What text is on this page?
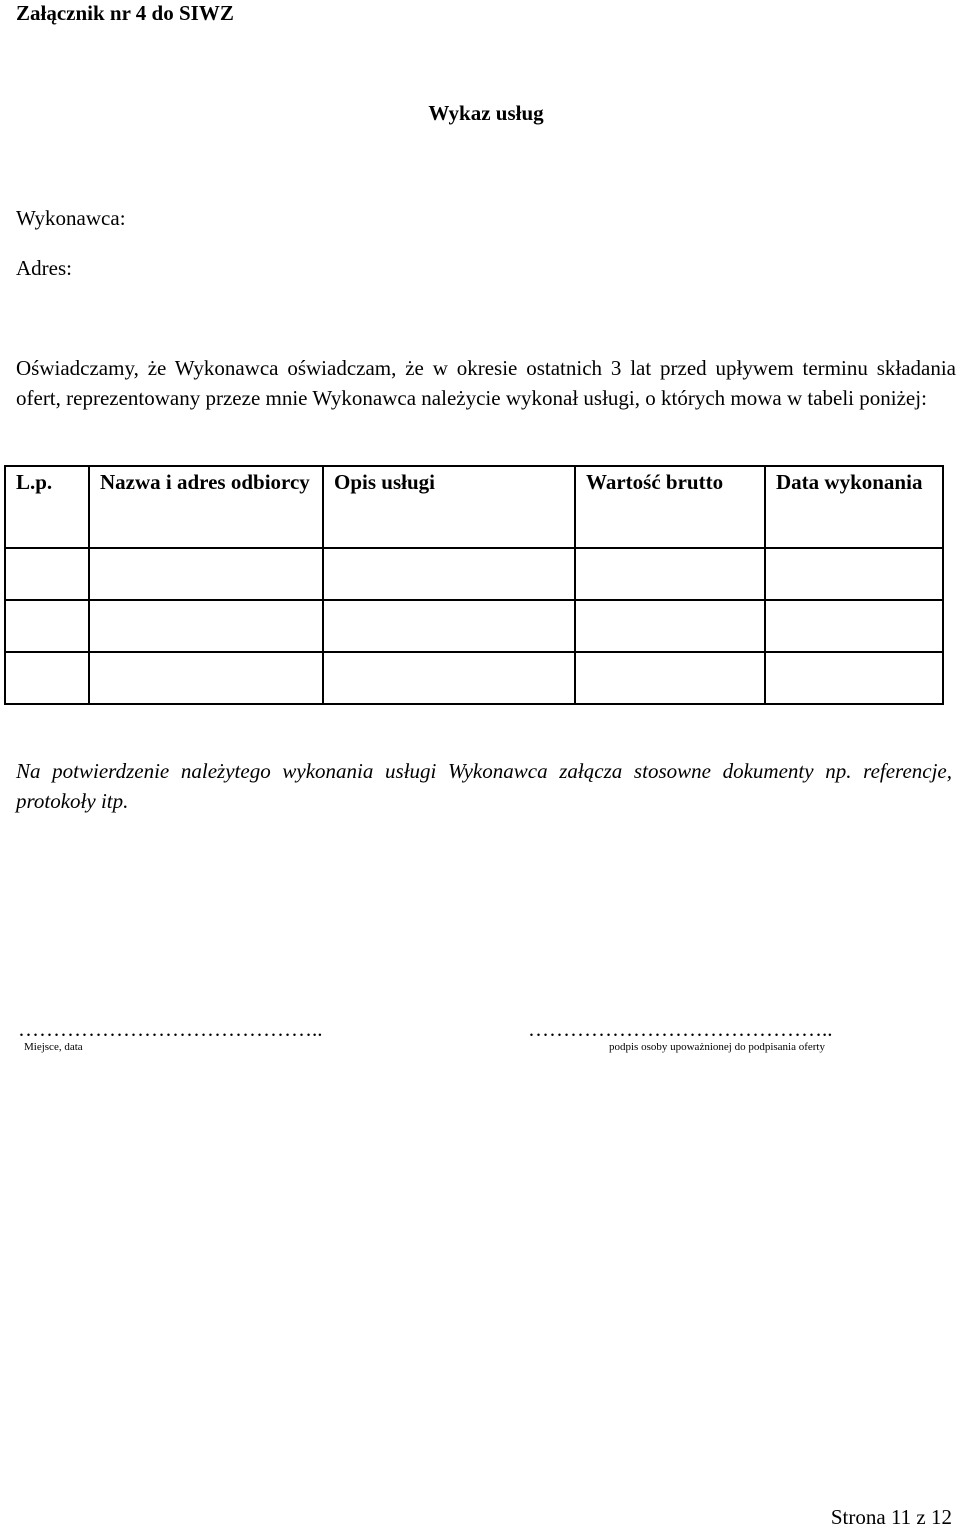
Załącznik nr 4 do SIWZ
Wykaz usług
Wykonawca:
Adres:
Oświadczamy, że Wykonawca oświadczam, że w okresie ostatnich 3 lat przed upływem terminu składania ofert, reprezentowany przeze mnie Wykonawca należycie wykonał usługi, o których mowa w tabeli poniżej:
L.p.	Nazwa i adres odbiorcy	Opis usługi	Wartość brutto	Data wykonania

Na potwierdzenie należytego wykonania usługi Wykonawca załącza stosowne dokumenty np. referencje, protokoły itp.
……………………………………..
Miejsce, data
……………………………………..
podpis osoby upoważnionej do podpisania oferty
Strona 11 z 12
